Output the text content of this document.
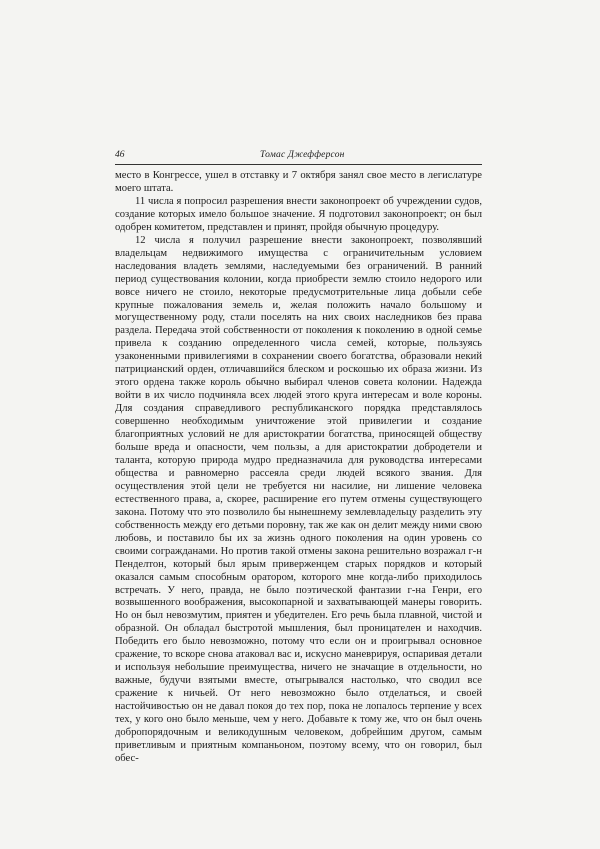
46	Томас Джефферсон

место в Конгрессе, ушел в отставку и 7 октября занял свое место в легислатуре моего штата.

11 числа я попросил разрешения внести законопроект об учреждении судов, создание которых имело большое значение. Я подготовил законопроект; он был одобрен комитетом, представлен и принят, пройдя обычную процедуру.

12 числа я получил разрешение внести законопроект, позволявший владельцам недвижимого имущества с ограничительным условием наследования владеть землями, наследуемыми без ограничений. В ранний период существования колонии, когда приобрести землю стоило недорого или вовсе ничего не стоило, некоторые предусмотрительные лица добыли себе крупные пожалования земель и, желая положить начало большому и могущественному роду, стали поселять на них своих наследников без права раздела. Передача этой собственности от поколения к поколению в одной семье привела к созданию определенного числа семей, которые, пользуясь узаконенными привилегиями в сохранении своего богатства, образовали некий патрицианский орден, отличавшийся блеском и роскошью их образа жизни. Из этого ордена также король обычно выбирал членов совета колонии. Надежда войти в их число подчиняла всех людей этого круга интересам и воле короны. Для создания справедливого республиканского порядка представлялось совершенно необходимым уничтожение этой привилегии и создание благоприятных условий не для аристократии богатства, приносящей обществу больше вреда и опасности, чем пользы, а для аристократии добродетели и таланта, которую природа мудро предназначила для руководства интересами общества и равномерно рассеяла среди людей всякого звания. Для осуществления этой цели не требуется ни насилие, ни лишение человека естественного права, а, скорее, расширение его путем отмены существующего закона. Потому что это позволило бы нынешнему землевладельцу разделить эту собственность между его детьми поровну, так же как он делит между ними свою любовь, и поставило бы их за жизнь одного поколения на один уровень со своими согражданами. Но против такой отмены закона решительно возражал г-н Пенделтон, который был ярым приверженцем старых порядков и который оказался самым способным оратором, которого мне когда-либо приходилось встречать. У него, правда, не было поэтической фантазии г-на Генри, его возвышенного воображения, высокопарной и захватывающей манеры говорить. Но он был невозмутим, приятен и убедителен. Его речь была плавной, чистой и образной. Он обладал быстротой мышления, был проницателен и находчив. Победить его было невозможно, потому что если он и проигрывал основное сражение, то вскоре снова атаковал вас и, искусно маневрируя, оспаривая детали и используя небольшие преимущества, ничего не значащие в отдельности, но важные, будучи взятыми вместе, отыгрывался настолько, что сводил все сражение к ничьей. От него невозможно было отделаться, и своей настойчивостью он не давал покоя до тех пор, пока не лопалось терпение у всех тех, у кого оно было меньше, чем у него. Добавьте к тому же, что он был очень добропорядочным и великодушным человеком, добрейшим другом, самым приветливым и приятным компаньоном, поэтому всему, что он говорил, был обес-
